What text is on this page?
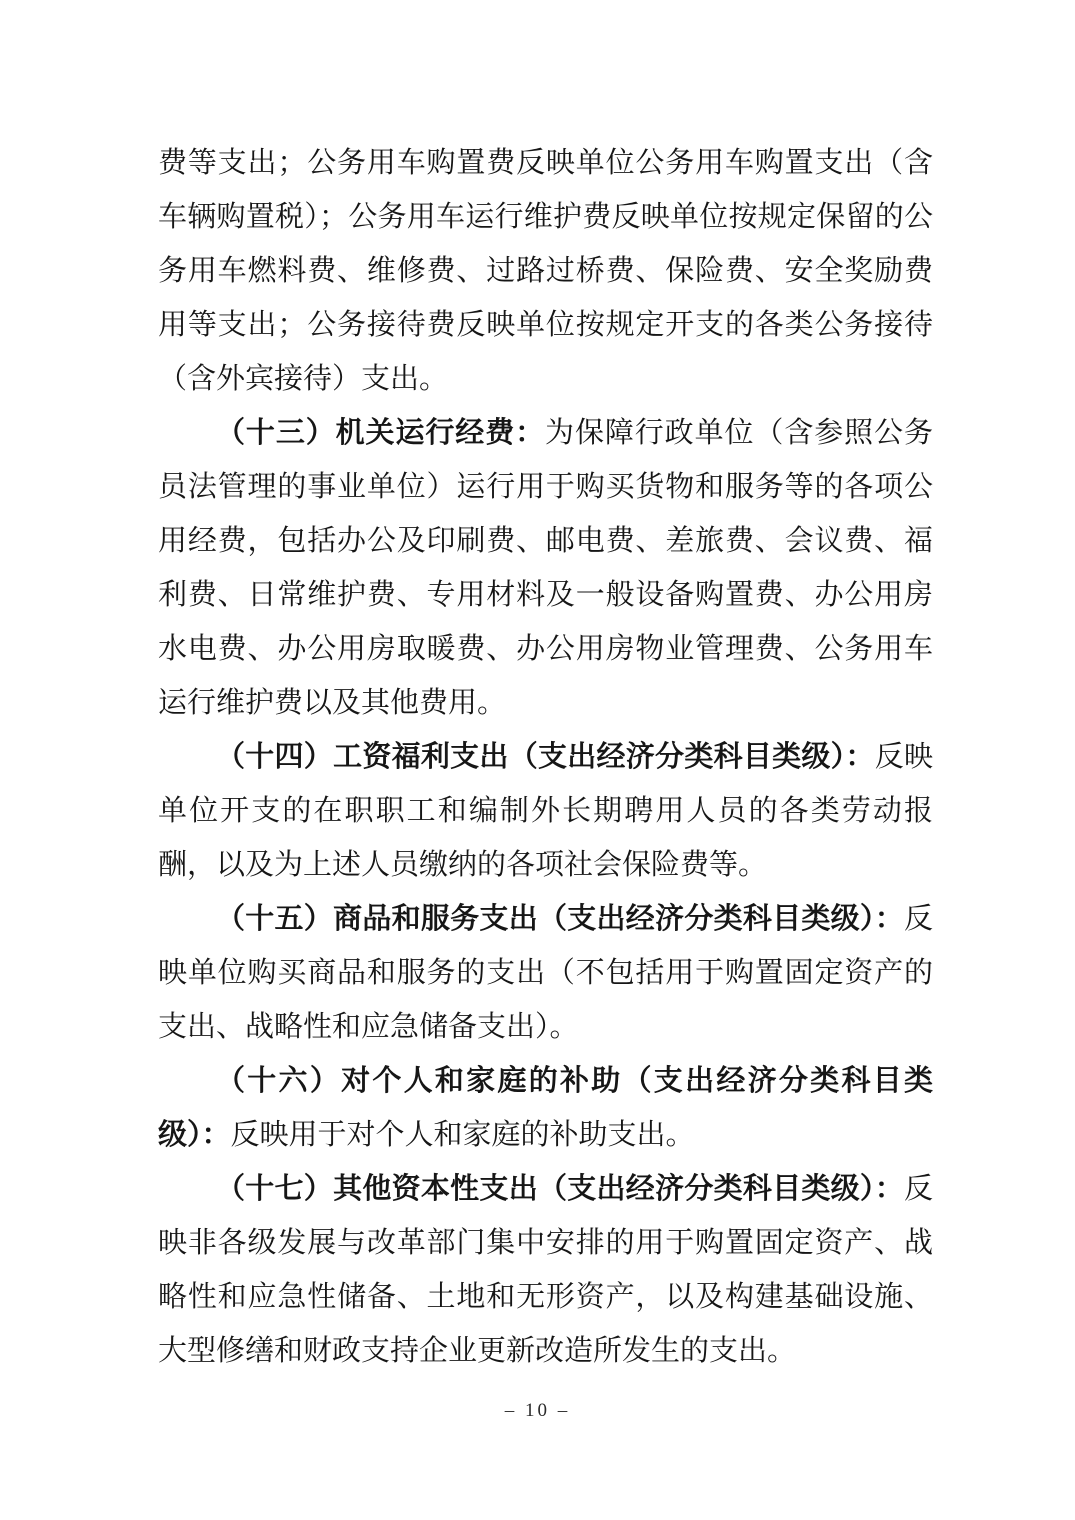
费等支出；公务用车购置费反映单位公务用车购置支出（含车辆购置税）；公务用车运行维护费反映单位按规定保留的公务用车燃料费、维修费、过路过桥费、保险费、安全奖励费用等支出；公务接待费反映单位按规定开支的各类公务接待（含外宾接待）支出。

（十三）机关运行经费：为保障行政单位（含参照公务员法管理的事业单位）运行用于购买货物和服务等的各项公用经费，包括办公及印刷费、邮电费、差旅费、会议费、福利费、日常维护费、专用材料及一般设备购置费、办公用房水电费、办公用房取暖费、办公用房物业管理费、公务用车运行维护费以及其他费用。

（十四）工资福利支出（支出经济分类科目类级）：反映单位开支的在职职工和编制外长期聘用人员的各类劳动报酬，以及为上述人员缴纳的各项社会保险费等。

（十五）商品和服务支出（支出经济分类科目类级）：反映单位购买商品和服务的支出（不包括用于购置固定资产的支出、战略性和应急储备支出）。

（十六）对个人和家庭的补助（支出经济分类科目类级）：反映用于对个人和家庭的补助支出。

（十七）其他资本性支出（支出经济分类科目类级）：反映非各级发展与改革部门集中安排的用于购置固定资产、战略性和应急性储备、土地和无形资产，以及构建基础设施、大型修缮和财政支持企业更新改造所发生的支出。

– 10 –
